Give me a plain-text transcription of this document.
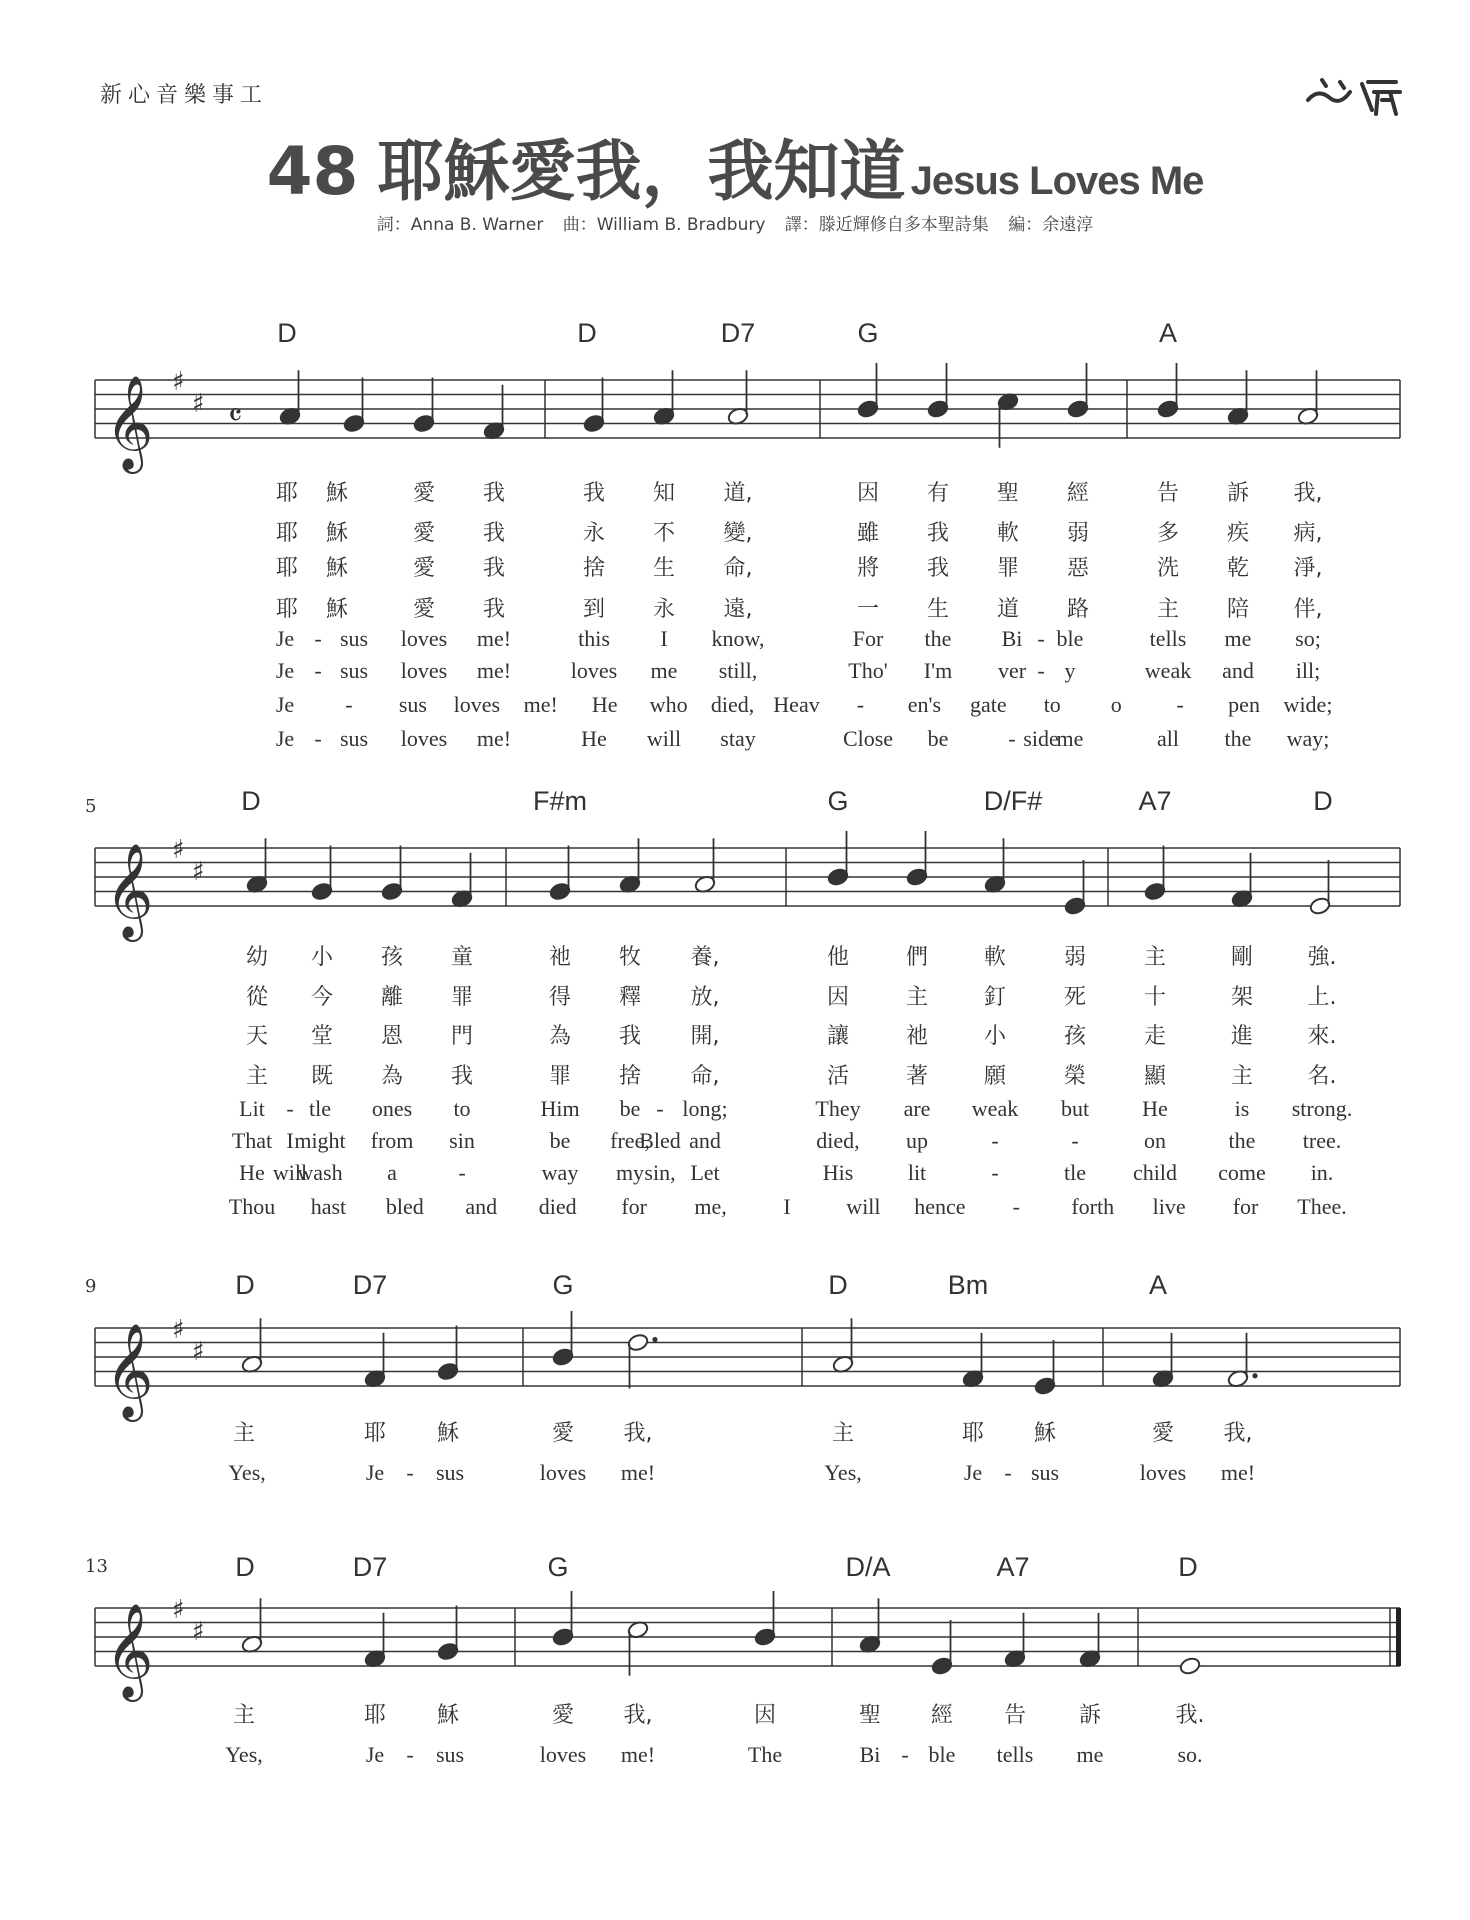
新心音樂事工
48 耶穌愛我，我知道 Jesus Loves Me
詞：Anna B. Warner 曲：William B. Bradbury 譯：滕近輝修自多本聖詩集 編：余遠淳
𝄞 ♯
♯ 𝄴
D	D	D7	G	A
耶 穌	愛 我	我 知 道,	因 有 聖 經	告 訴 我,
耶 穌	愛 我	永 不 變,	雖 我 軟 弱	多 疾 病,
耶 穌	愛 我	捨 生 命,	將 我 罪 惡	洗 乾 淨,
耶 穌	愛 我	到 永 遠,	一 生 道 路	主 陪 伴,
Je - sus loves me!	this I know,	For the Bi - ble	tells me so;
Je - sus loves me!	loves me still,	Tho' I'm ver - y	weak and ill;
Je - sus loves me! He who died, Heav - en's gate to o - pen wide;
Je - sus loves me!	He will stay	Close be	- side
me	all the way;
𝄞 ♯
♯
5	D	F#m	G	D/F#	A7	D
幼 小 孩 童	祂 牧 養,	他	們	軟	弱	主	剛 強.
從 今 離 罪	得 釋 放,	因	主	釘	死	十	架 上.
天 堂 恩 門	為 我 開,	讓	祂	小	孩	走	進 來.
主 既 為 我	罪 捨 命,	活	著	願	榮	顯	主 名.
Lit - tle ones to	Him be - long;	They are weak but He	is strong.
That I might from sin	be free,
Bled and	died, up	-	-	on	the tree.
He will
wash a	-	way my sin, Let	His lit	-	tle child come in.
Thou hast bled and died for me,	I	will hence - forth live for Thee.
𝄞 ♯
♯
9	D	D7	G	D	Bm	A
主	耶 穌	愛 我,	主	耶 穌	愛 我,
Yes,	Je - sus	loves me!	Yes,	Je - sus	loves me!
𝄞 ♯
♯
13	D	D7	G	D/A	A7	D
主	耶 穌	愛 我,	因	聖 經 告 訴	我.
Yes,	Je - sus	loves me!	The	Bi - ble tells me	so.
